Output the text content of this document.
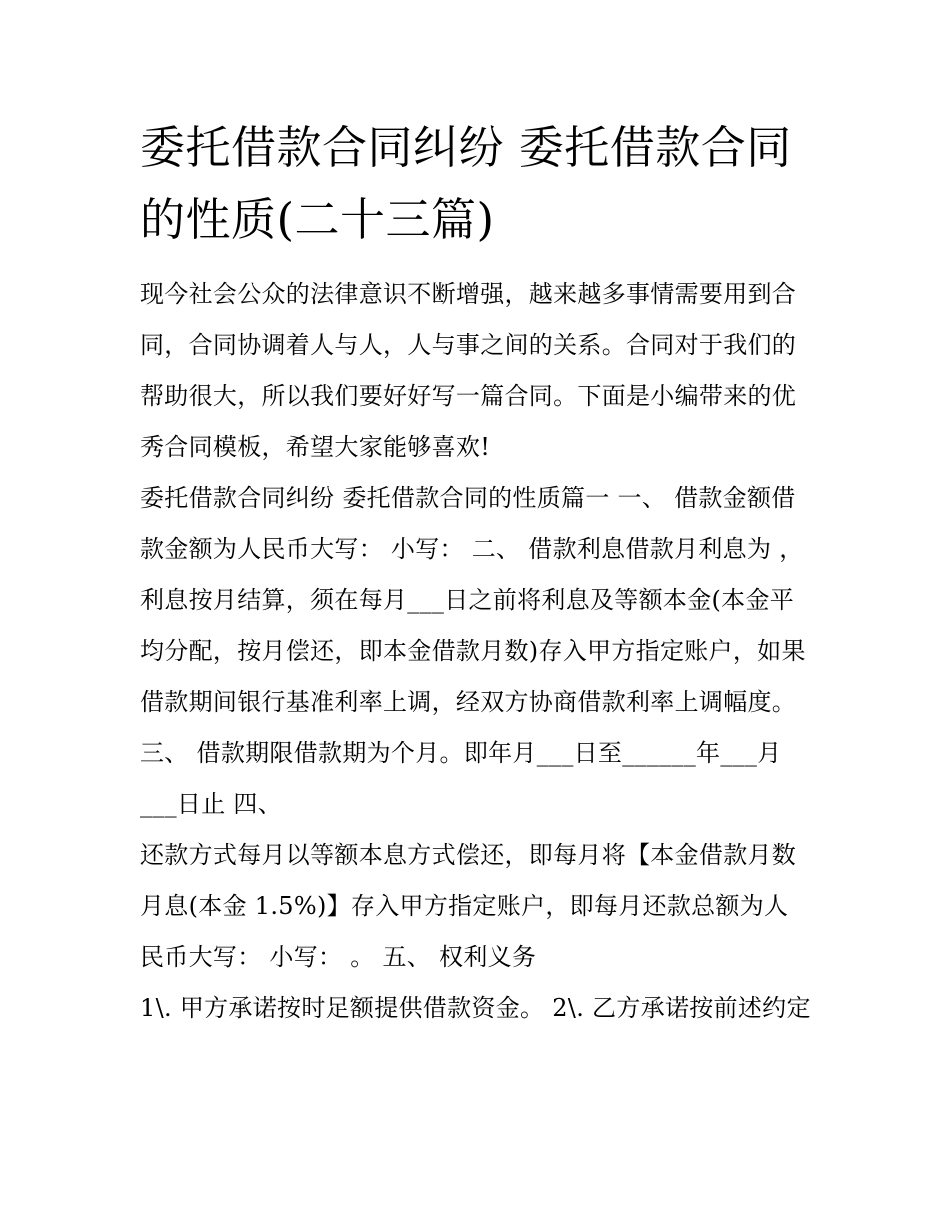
委托借款合同纠纷 委托借款合同的性质(二十三篇)

现今社会公众的法律意识不断增强，越来越多事情需要用到合同，合同协调着人与人，人与事之间的关系。合同对于我们的帮助很大，所以我们要好好写一篇合同。下面是小编带来的优秀合同模板，希望大家能够喜欢!

委托借款合同纠纷 委托借款合同的性质篇一 一、 借款金额借款金额为人民币大写： 小写： 二、 借款利息借款月利息为 ，利息按月结算，须在每月___日之前将利息及等额本金(本金平均分配，按月偿还，即本金借款月数)存入甲方指定账户，如果借款期间银行基准利率上调，经双方协商借款利率上调幅度。

三、 借款期限借款期为个月。即年月___日至______年___月___日止 四、

还款方式每月以等额本息方式偿还，即每月将【本金借款月数月息(本金 1.5%)】存入甲方指定账户，即每月还款总额为人民币大写： 小写： 。 五、 权利义务

1\. 甲方承诺按时足额提供借款资金。 2\. 乙方承诺按前述约定
